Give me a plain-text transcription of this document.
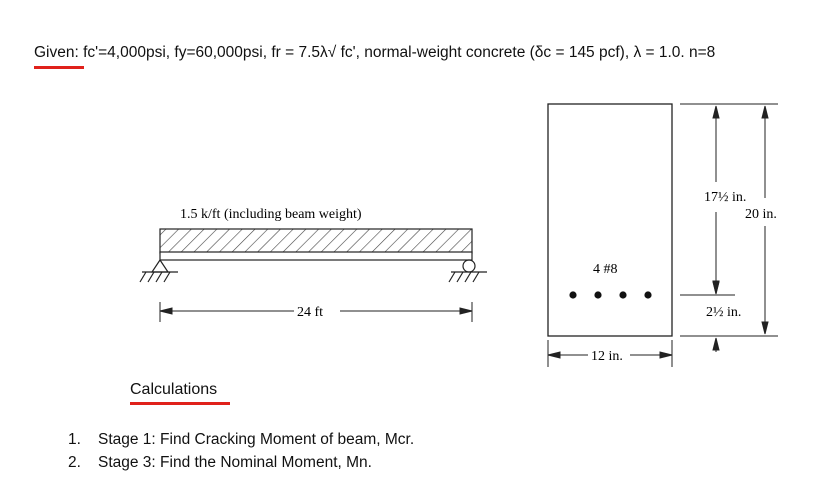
Given: fc'=4,000psi, fy=60,000psi, fr = 7.5λ√ fc', normal-weight concrete (δc = 145 pcf), λ = 1.0. n=8
1.5 k/ft (including beam weight)
24 ft
4 #8
12 in.
17½ in.
20 in.
2½ in.
Calculations
1.	Stage 1: Find Cracking Moment of beam, Mcr.
2.	Stage 3: Find the Nominal Moment, Mn.
